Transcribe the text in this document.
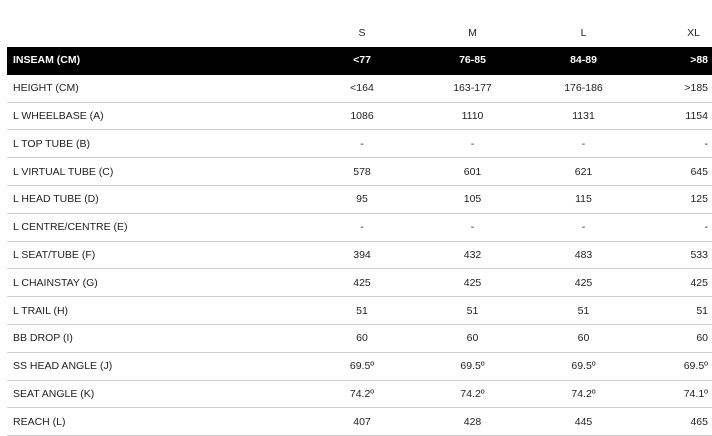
	S	M	L	XL
INSEAM (CM)	<77	76-85	84-89	>88
HEIGHT (CM)	<164	163-177	176-186	>185
L WHEELBASE (A)	1086	1110	1131	1154
L TOP TUBE (B)	-	-	-	-
L VIRTUAL TUBE (C)	578	601	621	645
L HEAD TUBE (D)	95	105	115	125
L CENTRE/CENTRE (E)	-	-	-	-
L SEAT/TUBE (F)	394	432	483	533
L CHAINSTAY (G)	425	425	425	425
L TRAIL (H)	51	51	51	51
BB DROP (I)	60	60	60	60
SS HEAD ANGLE (J)	69.5º	69.5º	69.5º	69.5º
SEAT ANGLE (K)	74.2º	74.2º	74.2º	74.1º
REACH (L)	407	428	445	465
